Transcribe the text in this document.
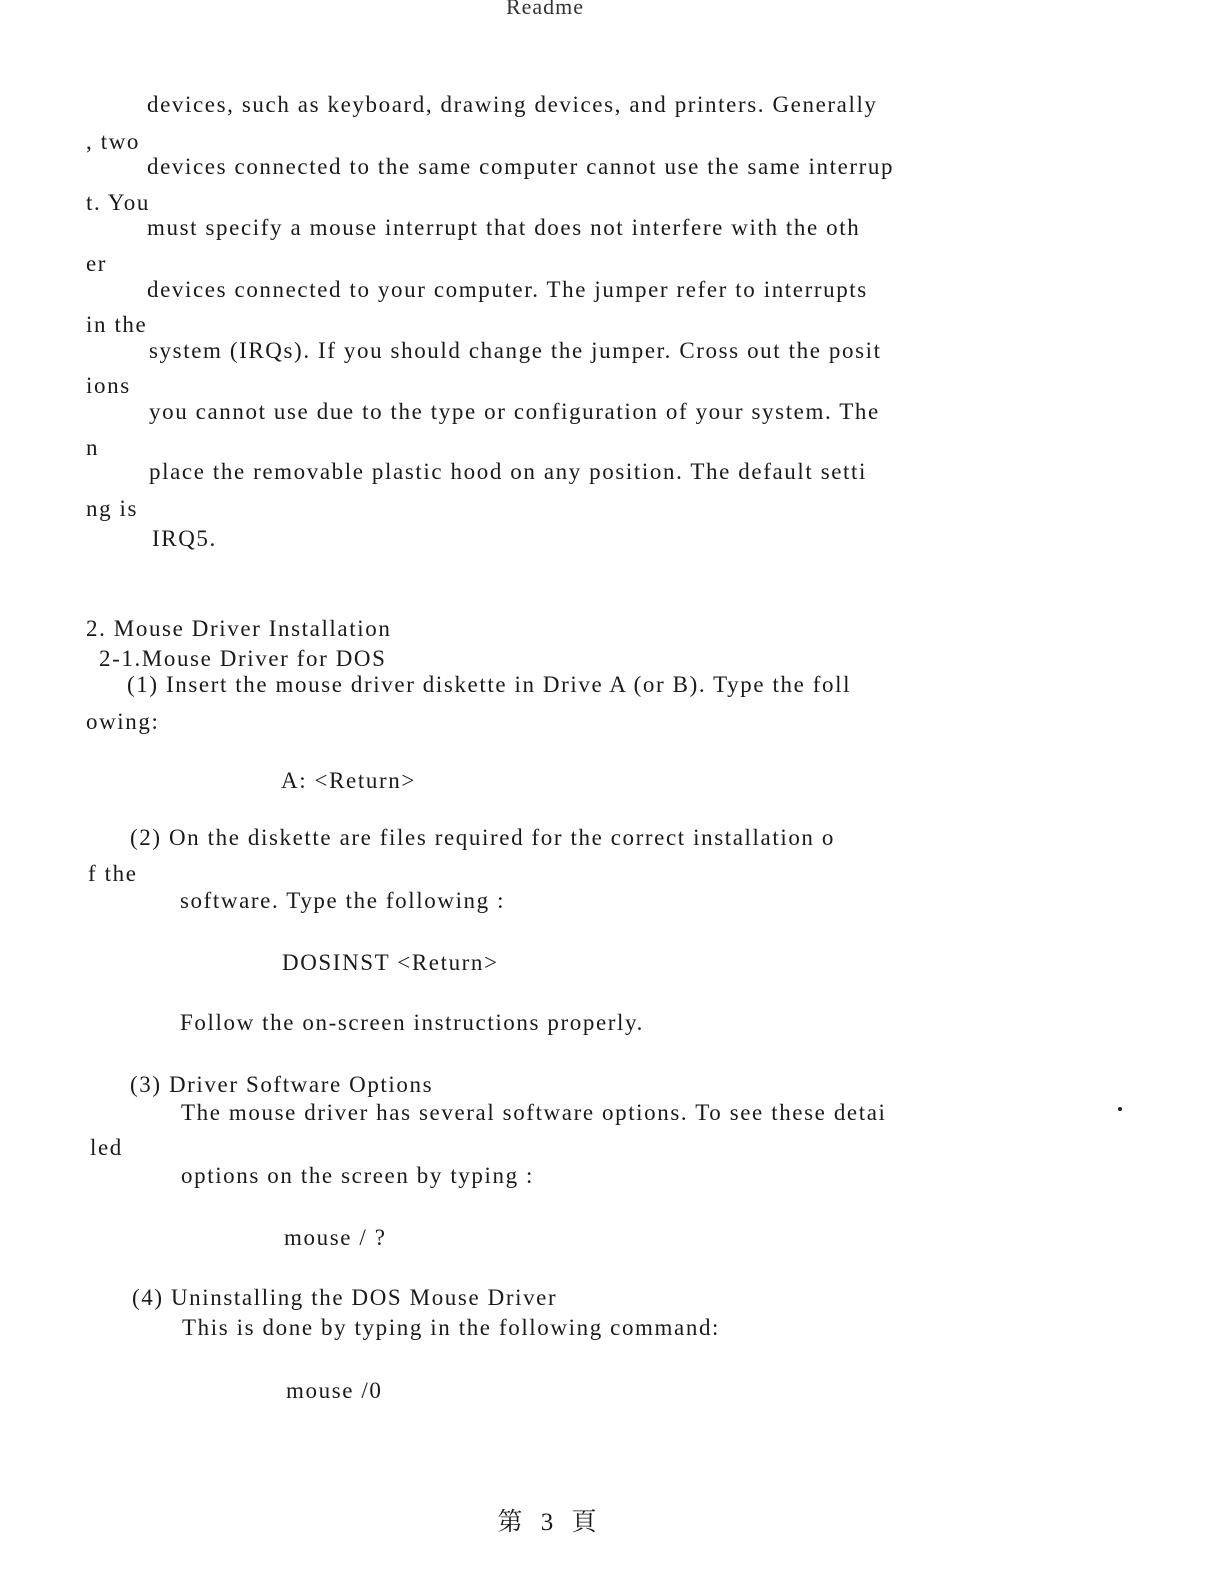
Readme
devices, such as keyboard, drawing devices, and printers. Generally
, two
devices connected to the same computer cannot use the same interrup
t. You
must specify a mouse interrupt that does not interfere with the oth
er
devices connected to your computer. The jumper refer to interrupts
in the
system (IRQs). If you should change the jumper. Cross out the posit
ions
you cannot use due to the type or configuration of your system. The
n
place the removable plastic hood on any position. The default setti
ng is
IRQ5.
2. Mouse Driver Installation
2-1.Mouse Driver for DOS
(1) Insert the mouse driver diskette in Drive A (or B). Type the foll
owing:
A: <Return>
(2) On the diskette are files required for the correct installation o
f the
software. Type the following :
DOSINST <Return>
Follow the on-screen instructions properly.
(3) Driver Software Options
The mouse driver has several software options. To see these detai
led
options on the screen by typing :
mouse / ?
(4) Uninstalling the DOS Mouse Driver
This is done by typing in the following command:
mouse /0
第 3 頁
